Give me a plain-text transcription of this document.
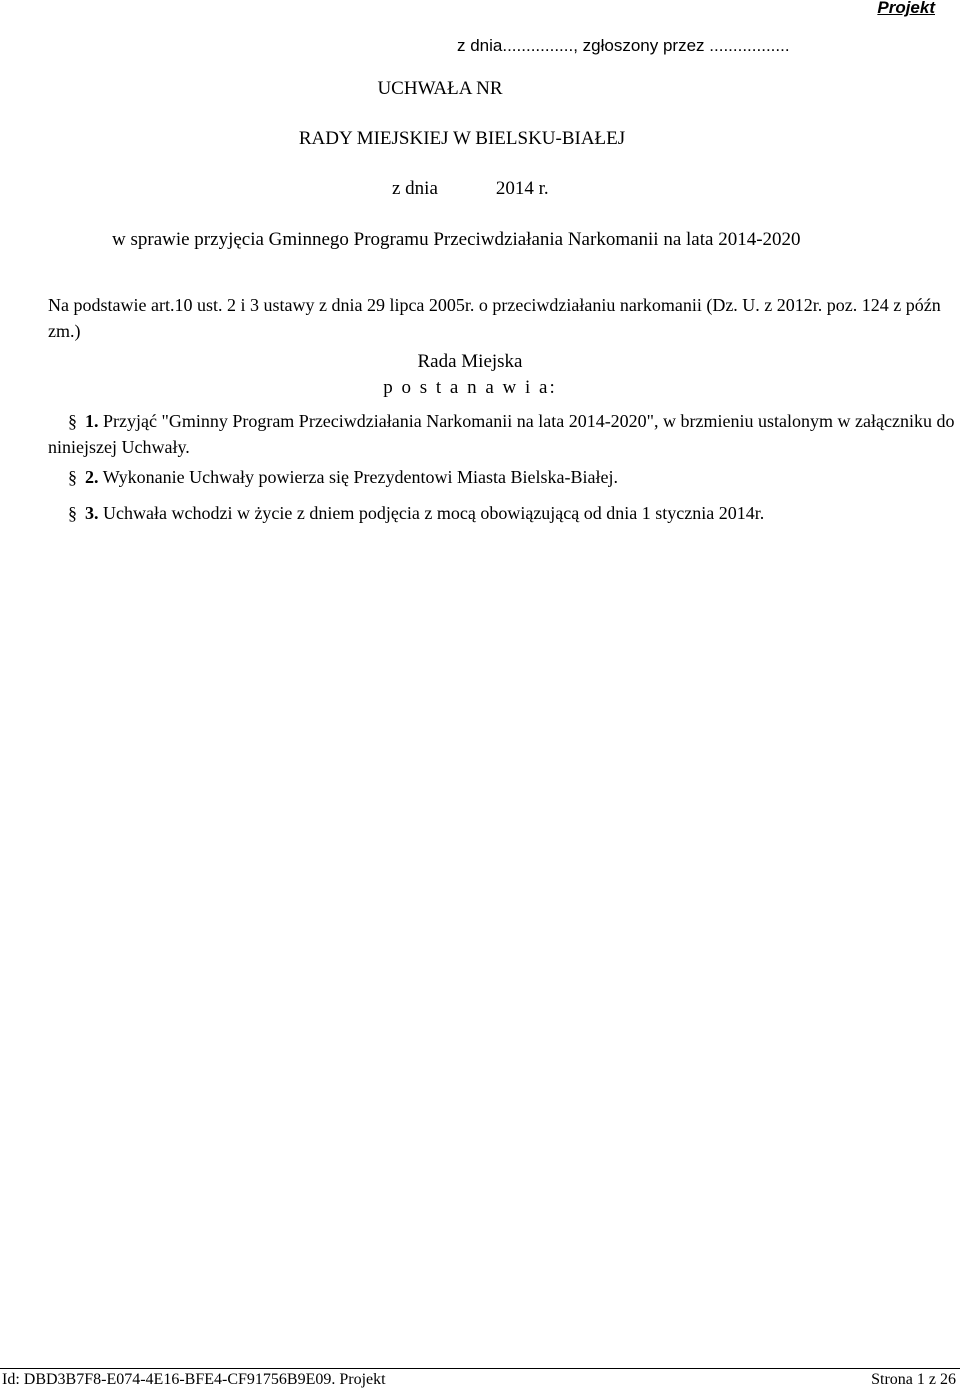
Projekt
z dnia..............., zgłoszony przez .................
UCHWAŁA NR
RADY MIEJSKIEJ W BIELSKU-BIAŁEJ
z dnia	2014 r.
w sprawie przyjęcia Gminnego Programu Przeciwdziałania Narkomanii na lata 2014-2020
Na podstawie art.10 ust. 2 i 3 ustawy z dnia 29 lipca 2005r. o przeciwdziałaniu narkomanii (Dz. U. z 2012r. poz. 124 z późn zm.)
Rada Miejska
p o s t a n a w i a:
§ 1. Przyjąć "Gminny Program Przeciwdziałania Narkomanii na lata 2014-2020", w brzmieniu ustalonym w załączniku do niniejszej Uchwały.
§ 2. Wykonanie Uchwały powierza się Prezydentowi Miasta Bielska-Białej.
§ 3. Uchwała wchodzi w życie z dniem podjęcia z mocą obowiązującą od dnia 1 stycznia 2014r.
Id: DBD3B7F8-E074-4E16-BFE4-CF91756B9E09. Projekt	Strona 1 z 26
